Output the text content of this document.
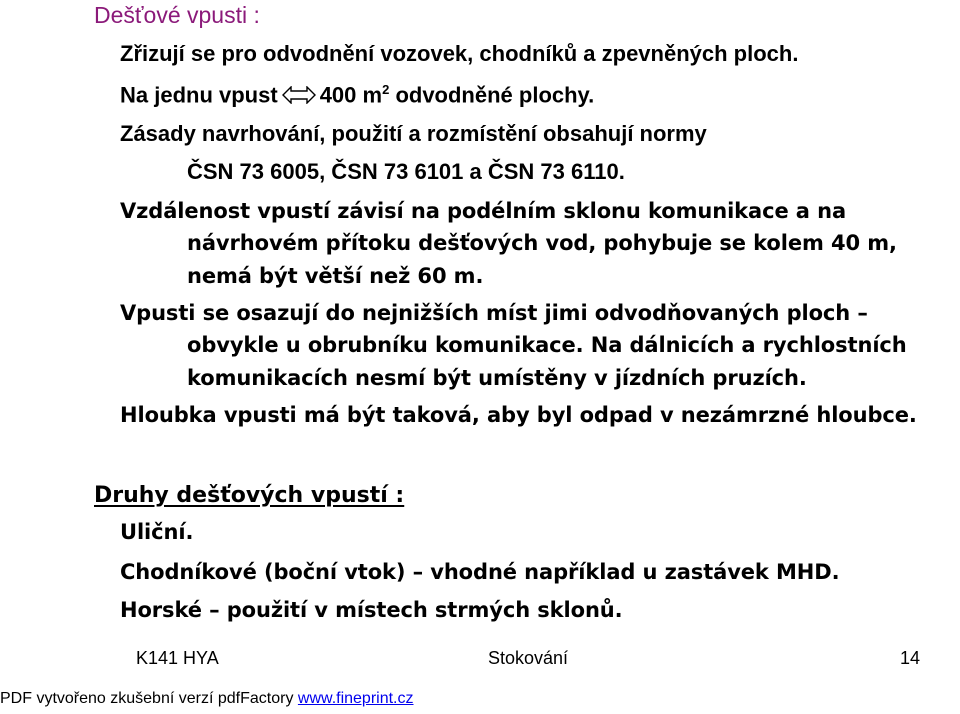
Dešťové vpusti :
Zřizují se pro odvodnění vozovek, chodníků a zpevněných ploch.
Na jednu vpust 400 $m^2$ odvodněné plochy.
Zásady navrhování, použití a rozmístění obsahují normy
ČSN 73 6005, ČSN 73 6101 a ČSN 73 6110.
Vzdálenost vpustí závisí na podélním sklonu komunikace a na
návrhovém přítoku dešťových vod, pohybuje se kolem 40 m,
nemá být větší než 60 m.
Vpusti se osazují do nejnižších míst jimi odvodňovaných ploch –
obvykle u obrubníku komunikace. Na dálnicích a rychlostních
komunikacích nesmí být umístěny v jízdních pruzích.
Hloubka vpusti má být taková, aby byl odpad v nezámrzné hloubce.
Druhy dešťových vpustí :
Uliční.
Chodníkové (boční vtok) – vhodné například u zastávek MHD.
Horské – použití v místech strmých sklonů.
K141 HYA	Stokování	14
PDF vytvořeno zkušební verzí pdfFactory www.fineprint.cz
